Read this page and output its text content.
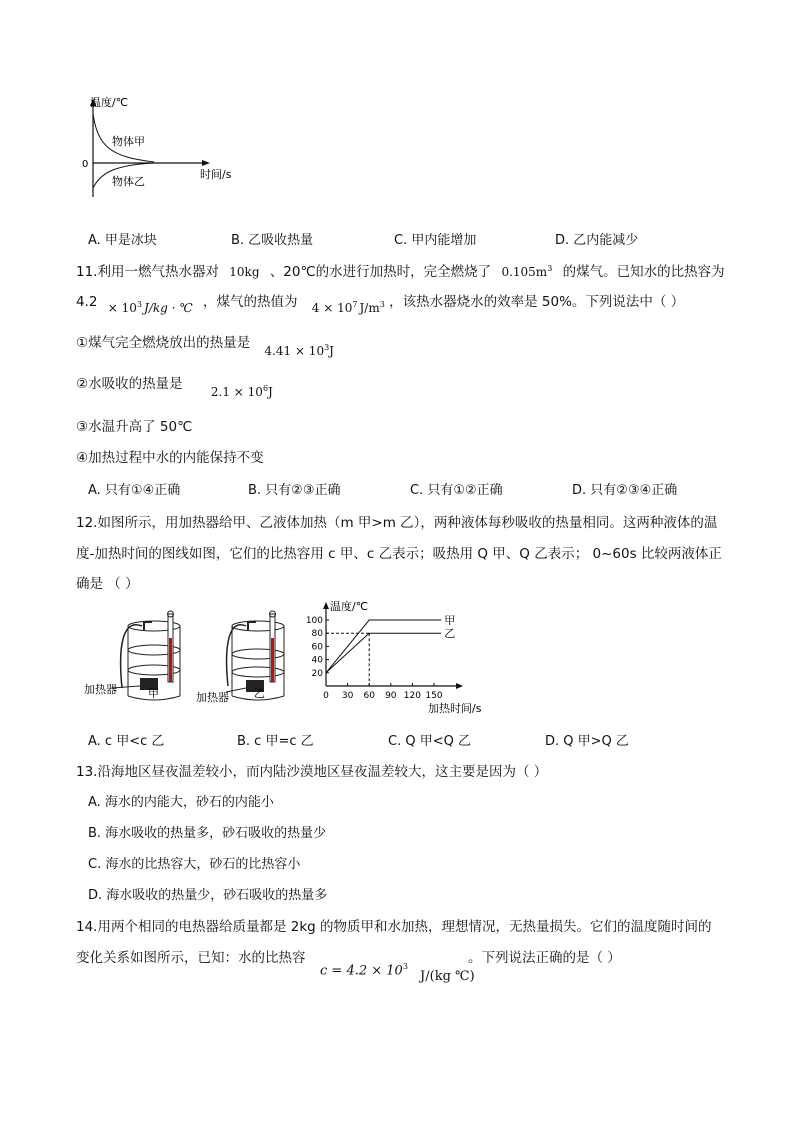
温度/℃
0
物体甲
物体乙
时间/s
A. 甲是冰块	B. 乙吸收热量	C. 甲内能增加	D. 乙内能减少
11.利用一燃气热水器对 10kg 、20℃的水进行加热时，完全燃烧了 $0.105m^3$ 的煤气。已知水的比热容为
$4.2 \times 10^3$ J/kg · ℃ ，煤气的热值为 $4 \times 10^7$ $J/m^3$ ，该热水器烧水的效率是 50%。下列说法中（ ）
①煤气完全燃烧放出的热量是 $4.41 \times 10^3J$
②水吸收的热量是 $2.1 \times 10^6J$
③水温升高了 50℃
④加热过程中水的内能保持不变
A. 只有①④正确	B. 只有②③正确	C. 只有①②正确	D. 只有②③④正确
12.如图所示，用加热器给甲、乙液体加热（m 甲>m 乙），两种液体每秒吸收的热量相同。这两种液体的温
度-加热时间的图线如图，它们的比热容用 c 甲、c 乙表示；吸热用 Q 甲、Q 乙表示； 0~60s 比较两液体正
确是 （ ）
加热器	甲	加热器 乙
20
40
60
80
100
0 30 60 90 120 150
甲
乙
温度/℃
加热时间/s
A. c 甲<c 乙	B. c 甲=c 乙	C. Q 甲<Q 乙	D. Q 甲>Q 乙
13.沿海地区昼夜温差较小，而内陆沙漠地区昼夜温差较大，这主要是因为（ ）
A. 海水的内能大，砂石的内能小
B. 海水吸收的热量多，砂石吸收的热量少
C. 海水的比热容大，砂石的比热容小
D. 海水吸收的热量少，砂石吸收的热量多
14.用两个相同的电热器给质量都是 2kg 的物质甲和水加热，理想情况，无热量损失。它们的温度随时间的
变化关系如图所示，已知：水的比热容	。下列说法正确的是（ ）
$c = 4.2 \times 10^3$ J/(kg ℃)
